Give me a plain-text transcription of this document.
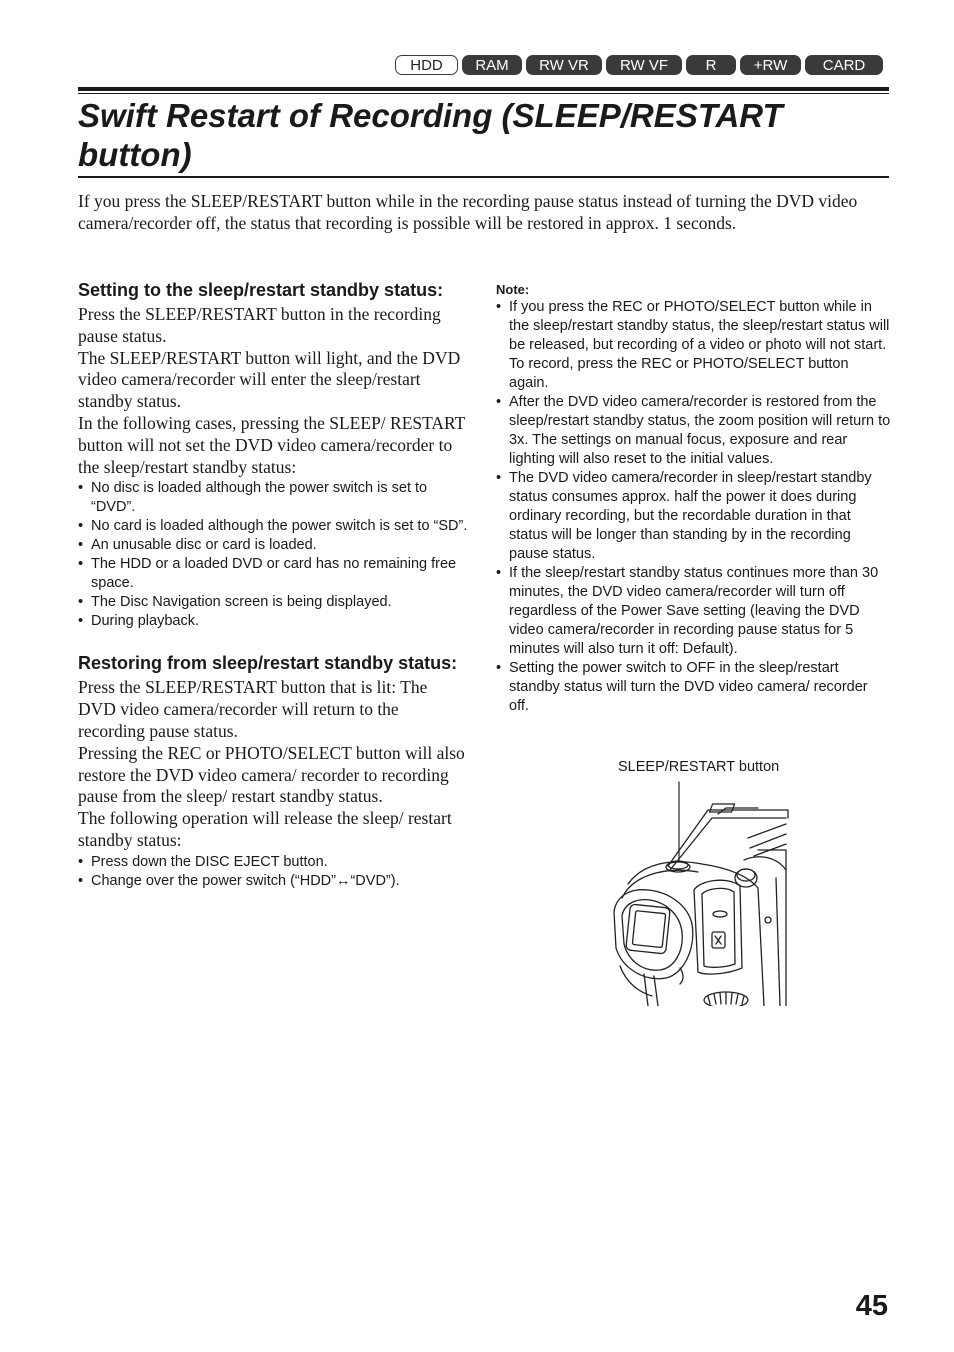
HDD	RAM	RW VR	RW VF	R	+RW	CARD
Swift Restart of Recording (SLEEP/RESTART button)

If you press the SLEEP/RESTART button while in the recording pause status instead of turning the DVD video camera/recorder off, the status that recording is possible will be restored in approx. 1 seconds.

Setting to the sleep/restart standby status:

Press the SLEEP/RESTART button in the recording pause status.

The SLEEP/RESTART button will light, and the DVD video camera/recorder will enter the sleep/restart standby status.

In the following cases, pressing the SLEEP/ RESTART button will not set the DVD video camera/recorder to the sleep/restart standby status:

• No disc is loaded although the power switch is set to “DVD”.
• No card is loaded although the power switch is set to “SD”.
• An unusable disc or card is loaded.
• The HDD or a loaded DVD or card has no remaining free space.
• The Disc Navigation screen is being displayed.
• During playback.
Restoring from sleep/restart standby status:

Press the SLEEP/RESTART button that is lit: The DVD video camera/recorder will return to the recording pause status.

Pressing the REC or PHOTO/SELECT button will also restore the DVD video camera/ recorder to recording pause from the sleep/ restart standby status.

The following operation will release the sleep/ restart standby status:

• Press down the DISC EJECT button.
• Change over the power switch (“HDD”↔“DVD”).
Note:
• If you press the REC or PHOTO/SELECT button while in the sleep/restart standby status, the sleep/restart status will be released, but recording of a video or photo will not start. To record, press the REC or PHOTO/SELECT button again.
• After the DVD video camera/recorder is restored from the sleep/restart standby status, the zoom position will return to 3x. The settings on manual focus, exposure and rear lighting will also reset to the initial values.
• The DVD video camera/recorder in sleep/restart standby status consumes approx. half the power it does during ordinary recording, but the recordable duration in that status will be longer than standing by in the recording pause status.
• If the sleep/restart standby status continues more than 30 minutes, the DVD video camera/recorder will turn off regardless of the Power Save setting (leaving the DVD video camera/recorder in recording pause status for 5 minutes will also turn it off: Default).
• Setting the power switch to OFF in the sleep/restart standby status will turn the DVD video camera/ recorder off.
SLEEP/RESTART button
45
